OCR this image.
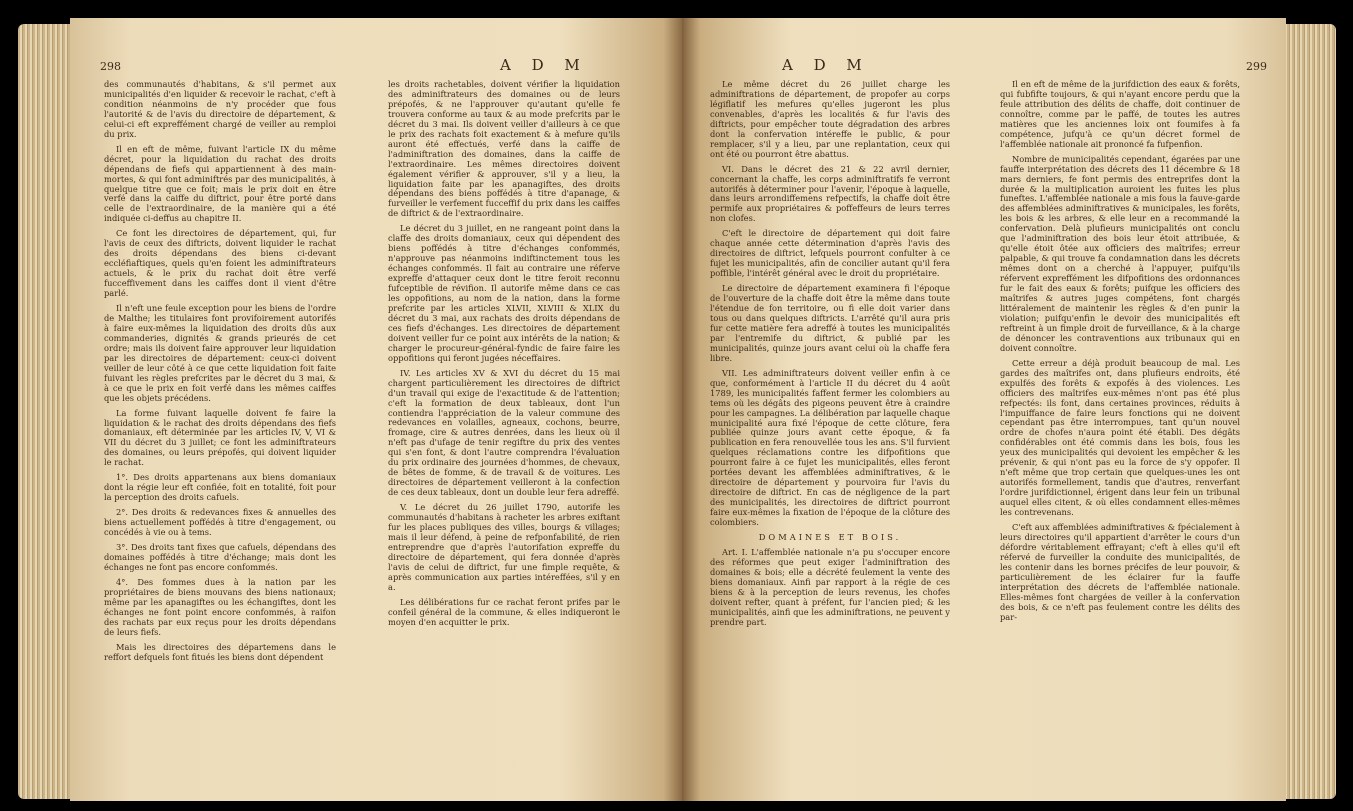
298	A D M

des communautés d'habitans, & s'il permet aux municipalités d'en liquider & recevoir le rachat, c'eft à condition néanmoins de n'y procéder que fous l'autorité & de l'avis du directoire de département, & celui-ci eft expreffément chargé de veiller au remploi du prix.

Il en eft de même, fuivant l'article IX du même décret, pour la liquidation du rachat des droits dépendans de fiefs qui appartiennent à des main-mortes, & qui font adminiftrés par des municipalités, à quelque titre que ce foit; mais le prix doit en être verfé dans la caiffe du diftrict, pour être porté dans celle de l'extraordinaire, de la manière qui a été indiquée ci-deffus au chapitre II.

Ce font les directoires de département, qui, fur l'avis de ceux des diftricts, doivent liquider le rachat des droits dépendans des biens ci-devant eccléfiaftiques, quels qu'en foient les adminiftrateurs actuels, & le prix du rachat doit être verfé fucceffivement dans les caiffes dont il vient d'être parlé.

Il n'eft une feule exception pour les biens de l'ordre de Malthe; les titulaires font provifoirement autorifés à faire eux-mêmes la liquidation des droits dûs aux commanderies, dignités & grands prieurés de cet ordre; mais ils doivent faire approuver leur liquidation par les directoires de département: ceux-ci doivent veiller de leur côté à ce que cette liquidation foit faite fuivant les règles prefcrites par le décret du 3 mai, & à ce que le prix en foit verfé dans les mêmes caiffes que les objets précédens.

La forme fuivant laquelle doivent fe faire la liquidation & le rachat des droits dépendans des fiefs domaniaux, eft déterminée par les articles IV, V, VI & VII du décret du 3 juillet; ce font les adminiftrateurs des domaines, ou leurs prépofés, qui doivent liquider le rachat.

1°. Des droits appartenans aux biens domaniaux dont la régie leur eft confiée, foit en totalité, foit pour la perception des droits cafuels.

2°. Des droits & redevances fixes & annuelles des biens actuellement poffédés à titre d'engagement, ou concédés à vie ou à tems.

3°. Des droits tant fixes que cafuels, dépendans des domaines poffédés à titre d'échange; mais dont les échanges ne font pas encore confommés.

4°. Des fommes dues à la nation par les propriétaires de biens mouvans des biens nationaux; même par les apanagiftes ou les échangiftes, dont les échanges ne font point encore confommés, à raifon des rachats par eux reçus pour les droits dépendans de leurs fiefs.

Mais les directoires des départemens dans le reffort defquels font fitués les biens dont dépendent

les droits rachetables, doivent vérifier la liquidation des adminiftrateurs des domaines ou de leurs prépofés, & ne l'approuver qu'autant qu'elle fe trouvera conforme au taux & au mode prefcrits par le décret du 3 mai. Ils doivent veiller d'ailleurs à ce que le prix des rachats foit exactement & à mefure qu'ils auront été effectués, verfé dans la caiffe de l'adminiftration des domaines, dans la caiffe de l'extraordinaire. Les mêmes directoires doivent également vérifier & approuver, s'il y a lieu, la liquidation faite par les apanagiftes, des droits dépendans des biens poffédés à titre d'apanage, & furveiller le verfement fucceffif du prix dans les caiffes de diftrict & de l'extraordinaire.

Le décret du 3 juillet, en ne rangeant point dans la claffe des droits domaniaux, ceux qui dépendent des biens poffédés à titre d'échanges confommés, n'approuve pas néanmoins indiftinctement tous les échanges confommés. Il fait au contraire une réferve expreffe d'attaquer ceux dont le titre feroit reconnu fufceptible de révifion. Il autorife même dans ce cas les oppofitions, au nom de la nation, dans la forme prefcrite par les articles XLVII, XLVIII & XLIX du décret du 3 mai, aux rachats des droits dépendans de ces fiefs d'échanges. Les directoires de département doivent veiller fur ce point aux intérêts de la nation; & charger le procureur-général-fyndic de faire faire les oppofitions qui feront jugées néceffaires.

IV. Les articles XV & XVI du décret du 15 mai chargent particulièrement les directoires de diftrict d'un travail qui exige de l'exactitude & de l'attention; c'eft la formation de deux tableaux, dont l'un contiendra l'appréciation de la valeur commune des redevances en volailles, agneaux, cochons, beurre, fromage, cire & autres denrées, dans les lieux où il n'eft pas d'ufage de tenir regiftre du prix des ventes qui s'en font, & dont l'autre comprendra l'évaluation du prix ordinaire des journées d'hommes, de chevaux, de bêtes de fomme, & de travail & de voitures. Les directoires de département veilleront à la confection de ces deux tableaux, dont un double leur fera adreffé.

V. Le décret du 26 juillet 1790, autorife les communautés d'habitans à racheter les arbres exiftant fur les places publiques des villes, bourgs & villages; mais il leur défend, à peine de refponfabilité, de rien entreprendre que d'après l'autorifation expreffe du directoire de département, qui fera donnée d'après l'avis de celui de diftrict, fur une fimple requête, & après communication aux parties intéreffées, s'il y en a.

Les délibérations fur ce rachat feront prifes par le confeil général de la commune, & elles indiqueront le moyen d'en acquitter le prix.

A D M	299

Le même décret du 26 juillet charge les adminiftrations de département, de propofer au corps légiflatif les mefures qu'elles jugeront les plus convenables, d'après les localités & fur l'avis des diftricts, pour empêcher toute dégradation des arbres dont la confervation intéreffe le public, & pour remplacer, s'il y a lieu, par une replantation, ceux qui ont été ou pourront être abattus.

VI. Dans le décret des 21 & 22 avril dernier, concernant la chaffe, les corps adminiftratifs fe verront autorifés à déterminer pour l'avenir, l'époque à laquelle, dans leurs arrondiffemens refpectifs, la chaffe doit être permife aux propriétaires & poffeffeurs de leurs terres non clofes.

C'eft le directoire de département qui doit faire chaque année cette détermination d'après l'avis des directoires de diftrict, lefquels pourront confulter à ce fujet les municipalités, afin de concilier autant qu'il fera poffible, l'intérêt général avec le droit du propriétaire.

Le directoire de département examinera fi l'époque de l'ouverture de la chaffe doit être la même dans toute l'étendue de fon territoire, ou fi elle doit varier dans tous ou dans quelques diftricts. L'arrêté qu'il aura pris fur cette matière fera adreffé à toutes les municipalités par l'entremife du diftrict, & publié par les municipalités, quinze jours avant celui où la chaffe fera libre.

VII. Les adminiftrateurs doivent veiller enfin à ce que, conformément à l'article II du décret du 4 août 1789, les municipalités faffent fermer les colombiers au tems où les dégâts des pigeons peuvent être à craindre pour les campagnes. La délibération par laquelle chaque municipalité aura fixé l'époque de cette clôture, fera publiée quinze jours avant cette époque, & fa publication en fera renouvellée tous les ans. S'il furvient quelques réclamations contre les difpofitions que pourront faire à ce fujet les municipalités, elles feront portées devant les affemblées adminiftratives, & le directoire de département y pourvoira fur l'avis du directoire de diftrict. En cas de négligence de la part des municipalités, les directoires de diftrict pourront faire eux-mêmes la fixation de l'époque de la clôture des colombiers.

DOMAINES ET BOIS.

Art. I. L'affemblée nationale n'a pu s'occuper encore des réformes que peut exiger l'adminiftration des domaines & bois; elle a décrété feulement la vente des biens domaniaux. Ainfi par rapport à la régie de ces biens & à la perception de leurs revenus, les chofes doivent refter, quant à préfent, fur l'ancien pied; & les municipalités, ainfi que les adminiftrations, ne peuvent y prendre part.

Il en eft de même de la jurifdiction des eaux & forêts, qui fubfifte toujours, & qui n'ayant encore perdu que la feule attribution des délits de chaffe, doit continuer de connoître, comme par le paffé, de toutes les autres matières que les anciennes loix ont foumifes à fa compétence, jufqu'à ce qu'un décret formel de l'affemblée nationale ait prononcé fa fufpenfion.

Nombre de municipalités cependant, égarées par une fauffe interprétation des décrets des 11 décembre & 18 mars derniers, fe font permis des entreprifes dont la durée & la multiplication auroient les fuites les plus funeftes. L'affemblée nationale a mis fous la fauve-garde des affemblées adminiftratives & municipales, les forêts, les bois & les arbres, & elle leur en a recommandé la confervation. Delà plufieurs municipalités ont conclu que l'adminiftration des bois leur étoit attribuée, & qu'elle étoit ôtée aux officiers des maîtrifes; erreur palpable, & qui trouve fa condamnation dans les décrets mêmes dont on a cherché à l'appuyer, puifqu'ils réfervent expreffément les difpofitions des ordonnances fur le fait des eaux & forêts; puifque les officiers des maîtrifes & autres juges compétens, font chargés littéralement de maintenir les règles & d'en punir la violation; puifqu'enfin le devoir des municipalités eft reftreint à un fimple droit de furveillance, & à la charge de dénoncer les contraventions aux tribunaux qui en doivent connoître.

Cette erreur a déjà produit beaucoup de mal. Les gardes des maîtrifes ont, dans plufieurs endroits, été expulfés des forêts & expofés à des violences. Les officiers des maîtrifes eux-mêmes n'ont pas été plus refpectés: ils font, dans certaines provinces, réduits à l'impuiffance de faire leurs fonctions qui ne doivent cependant pas être interrompues, tant qu'un nouvel ordre de chofes n'aura point été établi. Des dégâts confidérables ont été commis dans les bois, fous les yeux des municipalités qui devoient les empêcher & les prévenir, & qui n'ont pas eu la force de s'y oppofer. Il n'eft même que trop certain que quelques-unes les ont autorifés formellement, tandis que d'autres, renverfant l'ordre jurifdictionnel, érigent dans leur fein un tribunal auquel elles citent, & où elles condamnent elles-mêmes les contrevenans.

C'eft aux affemblées adminiftratives & fpécialement à leurs directoires qu'il appartient d'arrêter le cours d'un défordre véritablement effrayant; c'eft à elles qu'il eft réfervé de furveiller la conduite des municipalités, de les contenir dans les bornes précifes de leur pouvoir, & particulièrement de les éclairer fur la fauffe interprétation des décrets de l'affemblée nationale. Elles-mêmes font chargées de veiller à la confervation des bois, & ce n'eft pas feulement contre les délits des par-
